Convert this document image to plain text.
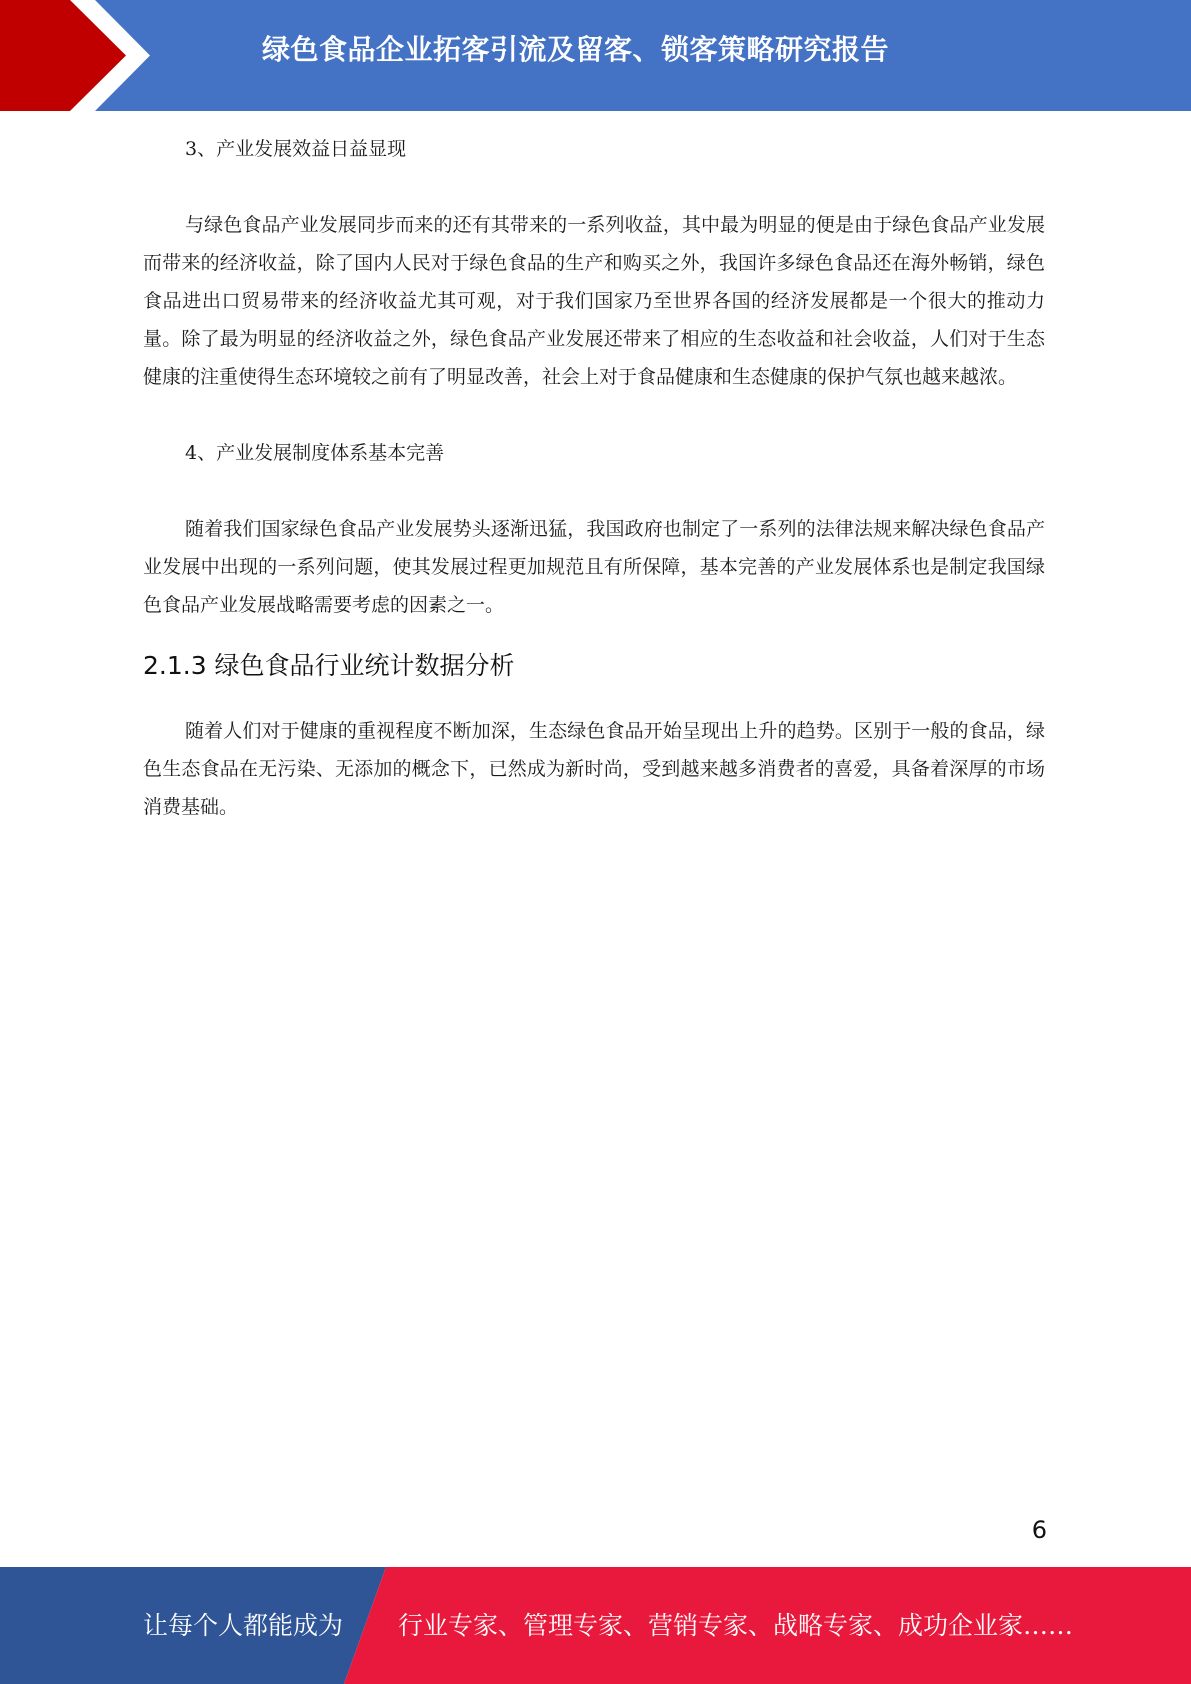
绿色食品企业拓客引流及留客、锁客策略研究报告

3、产业发展效益日益显现

与绿色食品产业发展同步而来的还有其带来的一系列收益，其中最为明显的便是由于绿色食品产业发展而带来的经济收益，除了国内人民对于绿色食品的生产和购买之外，我国许多绿色食品还在海外畅销，绿色食品进出口贸易带来的经济收益尤其可观，对于我们国家乃至世界各国的经济发展都是一个很大的推动力量。除了最为明显的经济收益之外，绿色食品产业发展还带来了相应的生态收益和社会收益，人们对于生态健康的注重使得生态环境较之前有了明显改善，社会上对于食品健康和生态健康的保护气氛也越来越浓。

4、产业发展制度体系基本完善

随着我们国家绿色食品产业发展势头逐渐迅猛，我国政府也制定了一系列的法律法规来解决绿色食品产业发展中出现的一系列问题，使其发展过程更加规范且有所保障，基本完善的产业发展体系也是制定我国绿色食品产业发展战略需要考虑的因素之一。

2.1.3 绿色食品行业统计数据分析

随着人们对于健康的重视程度不断加深，生态绿色食品开始呈现出上升的趋势。区别于一般的食品，绿色生态食品在无污染、无添加的概念下，已然成为新时尚，受到越来越多消费者的喜爱，具备着深厚的市场消费基础。

6
让每个人都能成为 行业专家、管理专家、营销专家、战略专家、成功企业家……
